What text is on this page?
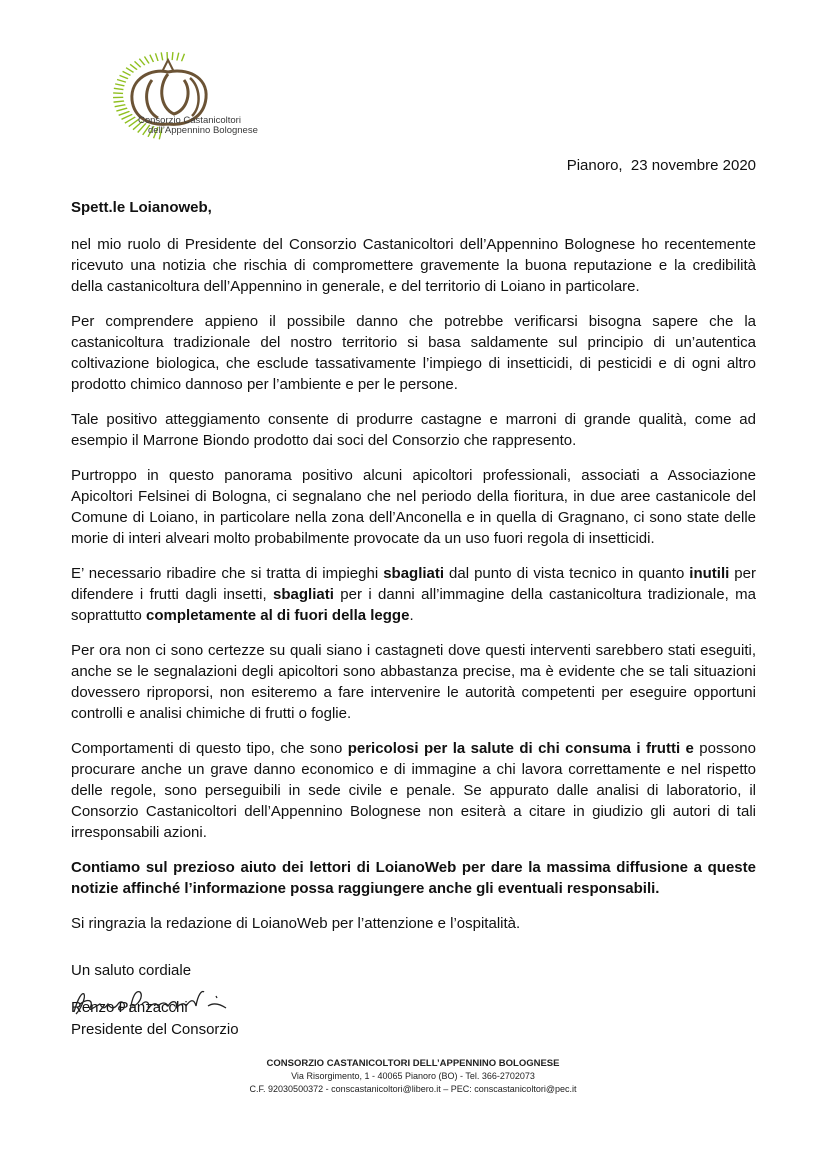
Consorzio Castanicoltori
dell’Appennino Bolognese
Pianoro,  23 novembre 2020
Spett.le Loianoweb,

nel mio ruolo di Presidente del Consorzio Castanicoltori dell’Appennino Bolognese ho recentemente ricevuto una notizia che rischia di compromettere gravemente la buona reputazione e la credibilità della castanicoltura dell’Appennino in generale, e del territorio di Loiano in particolare.

Per comprendere appieno il possibile danno che potrebbe verificarsi bisogna sapere che la castanicoltura tradizionale del nostro territorio si basa saldamente sul principio di un’autentica coltivazione biologica, che esclude tassativamente l’impiego di insetticidi, di pesticidi e di ogni altro prodotto chimico dannoso per l’ambiente e per le persone.

Tale positivo atteggiamento consente di produrre castagne e marroni di grande qualità, come ad esempio il Marrone Biondo prodotto dai soci del Consorzio che rappresento.

Purtroppo in questo panorama positivo alcuni apicoltori professionali, associati a Associazione Apicoltori Felsinei di Bologna, ci segnalano che nel periodo della fioritura, in due aree castanicole del Comune di Loiano, in particolare nella zona dell’Anconella e in quella di Gragnano, ci sono state delle morie di interi alveari molto probabilmente provocate da un uso fuori regola di insetticidi.

E’ necessario ribadire che si tratta di impieghi sbagliati dal punto di vista tecnico in quanto inutili per difendere i frutti dagli insetti, sbagliati per i danni all’immagine della castanicoltura tradizionale, ma soprattutto completamente al di fuori della legge.

Per ora non ci sono certezze su quali siano i castagneti dove questi interventi sarebbero stati eseguiti, anche se le segnalazioni degli apicoltori sono abbastanza precise, ma è evidente che se tali situazioni dovessero riproporsi, non esiteremo a fare intervenire le autorità competenti per eseguire opportuni controlli e analisi chimiche di frutti o foglie.

Comportamenti di questo tipo, che sono pericolosi per la salute di chi consuma i frutti e possono procurare anche un grave danno economico e di immagine a chi lavora correttamente e nel rispetto delle regole, sono perseguibili in sede civile e penale. Se appurato dalle analisi di laboratorio, il Consorzio Castanicoltori dell’Appennino Bolognese non esiterà a citare in giudizio gli autori di tali irresponsabili azioni.

Contiamo sul prezioso aiuto dei lettori di LoianoWeb per dare la massima diffusione a queste notizie affinché l’informazione possa raggiungere anche gli eventuali responsabili.

Si ringrazia la redazione di LoianoWeb per l’attenzione e l’ospitalità.

Un saluto cordiale
Renzo Panzacchi
Presidente del Consorzio
CONSORZIO CASTANICOLTORI DELL’APPENNINO BOLOGNESE
Via Risorgimento, 1 - 40065 Pianoro (BO) - Tel. 366-2702073
C.F. 92030500372 - conscastanicoltori@libero.it – PEC: conscastanicoltori@pec.it
